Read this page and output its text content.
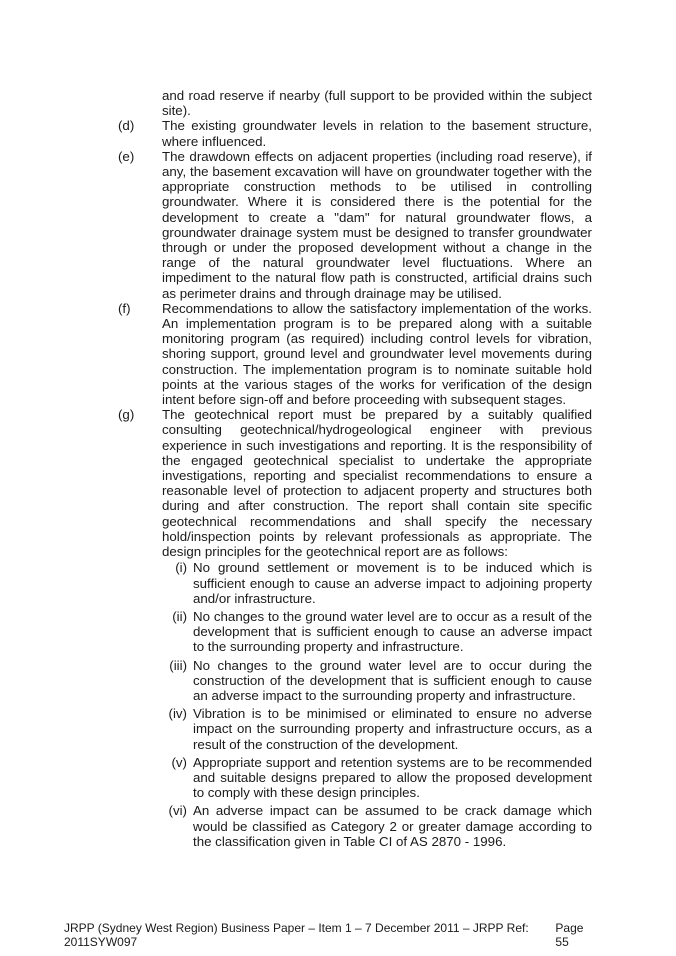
and road reserve if nearby (full support to be provided within the subject site).
(d)	The existing groundwater levels in relation to the basement structure, where influenced.
(e)	The drawdown effects on adjacent properties (including road reserve), if any, the basement excavation will have on groundwater together with the appropriate construction methods to be utilised in controlling groundwater. Where it is considered there is the potential for the development to create a "dam" for natural groundwater flows, a groundwater drainage system must be designed to transfer groundwater through or under the proposed development without a change in the range of the natural groundwater level fluctuations. Where an impediment to the natural flow path is constructed, artificial drains such as perimeter drains and through drainage may be utilised.
(f)	Recommendations to allow the satisfactory implementation of the works. An implementation program is to be prepared along with a suitable monitoring program (as required) including control levels for vibration, shoring support, ground level and groundwater level movements during construction. The implementation program is to nominate suitable hold points at the various stages of the works for verification of the design intent before sign-off and before proceeding with subsequent stages.
(g)	The geotechnical report must be prepared by a suitably qualified consulting geotechnical/hydrogeological engineer with previous experience in such investigations and reporting. It is the responsibility of the engaged geotechnical specialist to undertake the appropriate investigations, reporting and specialist recommendations to ensure a reasonable level of protection to adjacent property and structures both during and after construction. The report shall contain site specific geotechnical recommendations and shall specify the necessary hold/inspection points by relevant professionals as appropriate. The design principles for the geotechnical report are as follows:
(i) No ground settlement or movement is to be induced which is sufficient enough to cause an adverse impact to adjoining property and/or infrastructure.
(ii) No changes to the ground water level are to occur as a result of the development that is sufficient enough to cause an adverse impact to the surrounding property and infrastructure.
(iii) No changes to the ground water level are to occur during the construction of the development that is sufficient enough to cause an adverse impact to the surrounding property and infrastructure.
(iv) Vibration is to be minimised or eliminated to ensure no adverse impact on the surrounding property and infrastructure occurs, as a result of the construction of the development.
(v) Appropriate support and retention systems are to be recommended and suitable designs prepared to allow the proposed development to comply with these design principles.
(vi) An adverse impact can be assumed to be crack damage which would be classified as Category 2 or greater damage according to the classification given in Table CI of AS 2870 - 1996.
JRPP (Sydney West Region) Business Paper – Item 1 – 7 December 2011 – JRPP Ref: 2011SYW097
Page 55
